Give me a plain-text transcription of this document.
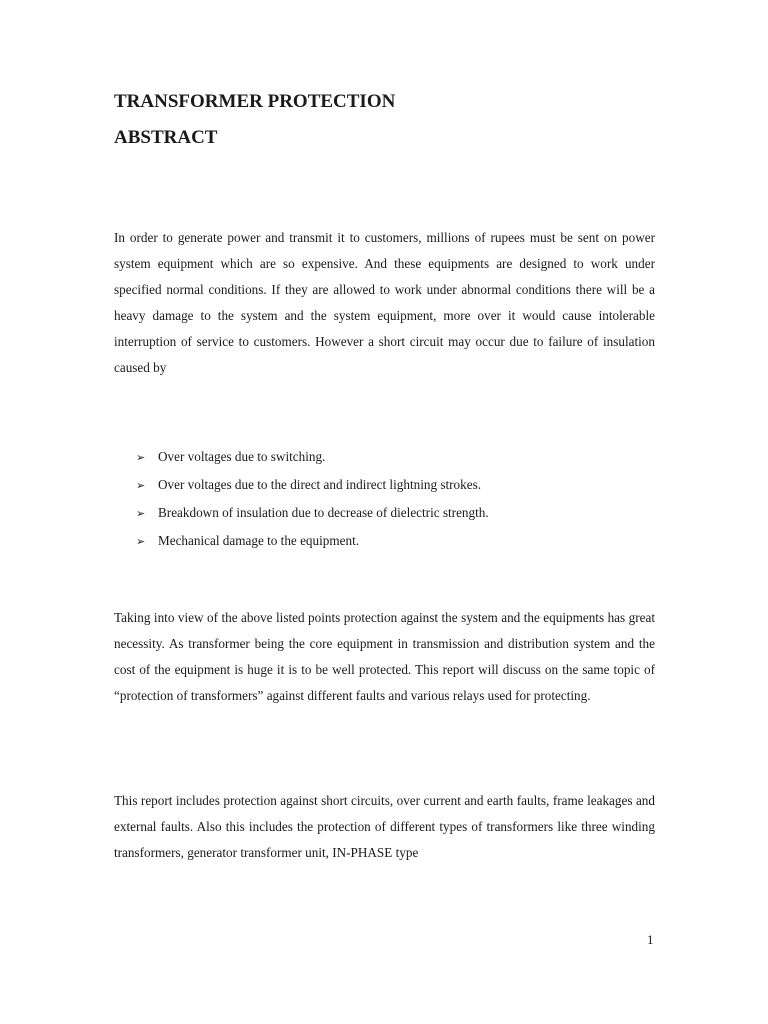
TRANSFORMER PROTECTION
ABSTRACT

In order to generate power and transmit it to customers, millions of rupees must be sent on power system equipment which are so expensive. And these equipments are designed to work under specified normal conditions. If they are allowed to work under abnormal conditions there will be a heavy damage to the system and the system equipment, more over it would cause intolerable interruption of service to customers. However a short circuit may occur due to failure of insulation caused by

➢ Over voltages due to switching.
➢ Over voltages due to the direct and indirect lightning strokes.
➢ Breakdown of insulation due to decrease of dielectric strength.
➢ Mechanical damage to the equipment.

Taking into view of the above listed points protection against the system and the equipments has great necessity. As transformer being the core equipment in transmission and distribution system and the cost of the equipment is huge it is to be well protected. This report will discuss on the same topic of “protection of transformers” against different faults and various relays used for protecting.

This report includes protection against short circuits, over current and earth faults, frame leakages and external faults. Also this includes the protection of different types of transformers like three winding transformers, generator transformer unit, IN-PHASE type

1
